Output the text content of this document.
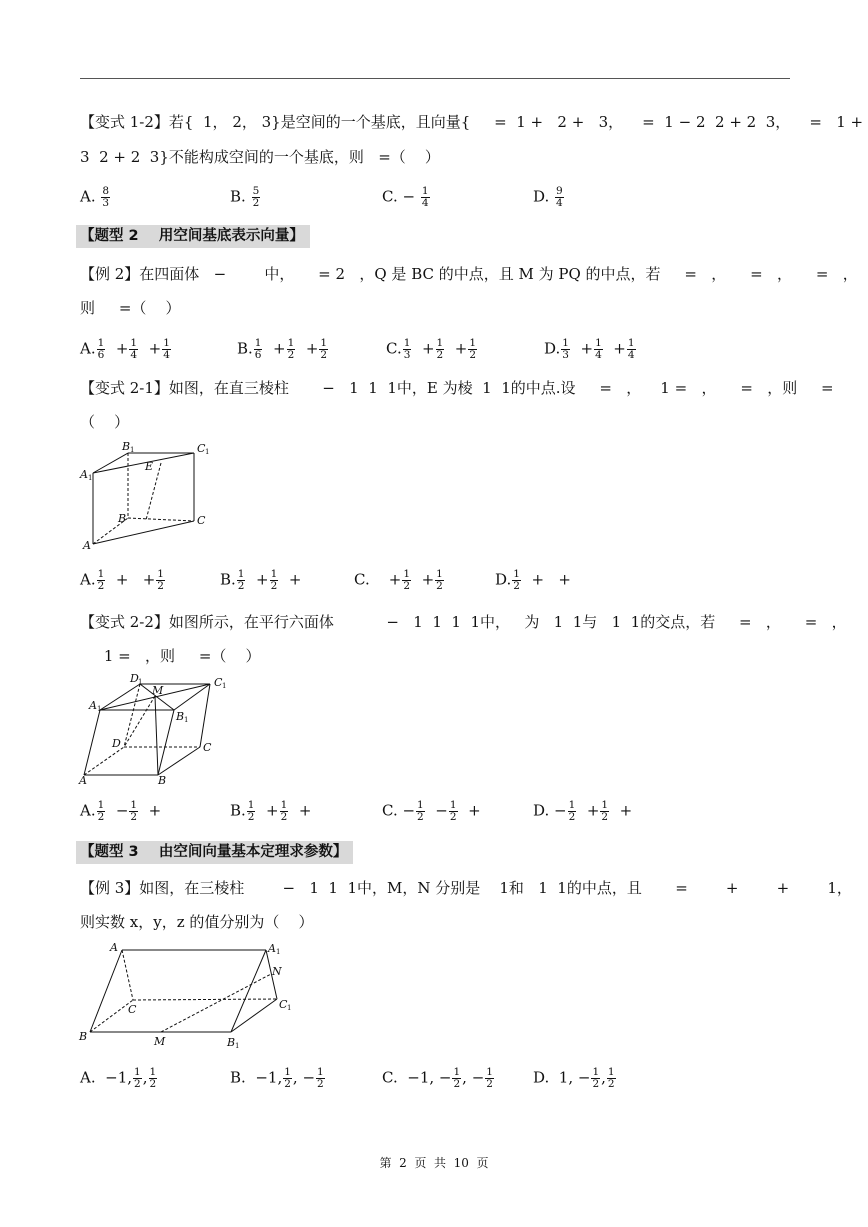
【变式 1-2】若{  1， 2， 3}是空间的一个基底，且向量{     =  1 +   2 +   3，    =  1 − 2  2 + 2  3，    =   1 +
3  2 + 2  3}不能构成空间的一个基底，则   =（    ）
A. $\frac{8}{3}$	B. $\frac{5}{2}$	C. − $\frac{1}{4}$	D. $\frac{9}{4}$
【题型 2    用空间基底表示向量】
【例 2】在四面体   −        中，     = 2   ，Q 是 BC 的中点，且 M 为 PQ 的中点，若     =   ，     =   ，     =   ，
则     =（    ）
A. $\frac{1}{6} + \frac{1}{4} + \frac{1}{4}$	B. $\frac{1}{6} + \frac{1}{2} + \frac{1}{2}$	C. $\frac{1}{3} + \frac{1}{2} + \frac{1}{2}$	D. $\frac{1}{3} + \frac{1}{4} + \frac{1}{4}$
【变式 2-1】如图，在直三棱柱       −   1  1  1中，E 为棱  1  1的中点.设     =   ，    1 =   ，     =   ，则     =
（    ）
B 1	C 1
A 1
E
B	C
A
A. $\frac{1}{2}$ +   + $\frac{1}{2}$	B. $\frac{1}{2} + \frac{1}{2}$ +	C.    + $\frac{1}{2} + \frac{1}{2}$	D. $\frac{1}{2}$ +   +
【变式 2-2】如图所示，在平行六面体           −   1  1  1  1中，   为   1  1与   1  1的交点，若     =   ，     =   ，
1 =   ，则     =（    ）
D 1
M
C 1
A 1
B 1
D	C
A	B
A. $\frac{1}{2} - \frac{1}{2}$ +	B. $\frac{1}{2} + \frac{1}{2}$ +	C. − $\frac{1}{2} - \frac{1}{2}$ +	D. − $\frac{1}{2} + \frac{1}{2}$ +
【题型 3    由空间向量基本定理求参数】
【例 3】如图，在三棱柱        −   1  1  1中，M，N 分别是    1和   1  1的中点，且       =        +        +        1，
则实数 x，y，z 的值分别为（    ）
A	A 1
N
C	C 1
B	M	B 1
A.  −1, $\frac{1}{2}$ , $\frac{1}{2}$	B.  −1, $\frac{1}{2}$ , − $\frac{1}{2}$	C.  −1, − $\frac{1}{2}$ , − $\frac{1}{2}$	D.  1, − $\frac{1}{2}$ , $\frac{1}{2}$
第  2  页  共  10  页
